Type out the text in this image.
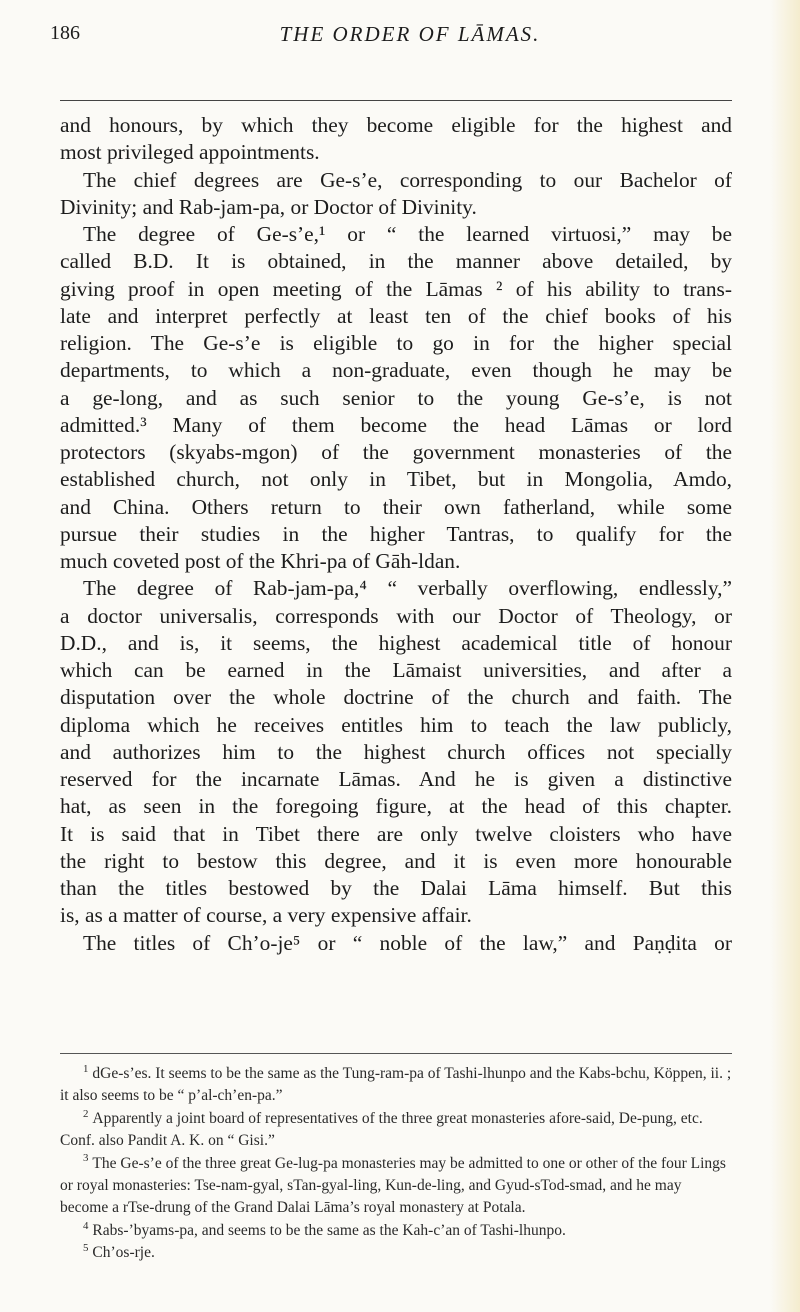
186	THE ORDER OF LĀMAS.
and honours, by which they become eligible for the highest and
most privileged appointments.
The chief degrees are Ge-s’e, corresponding to our Bachelor of
Divinity; and Rab-jam-pa, or Doctor of Divinity.
The degree of Ge-s’e,¹ or “ the learned virtuosi,” may be
called B.D. It is obtained, in the manner above detailed, by
giving proof in open meeting of the Lāmas ² of his ability to trans-
late and interpret perfectly at least ten of the chief books of his
religion. The Ge-s’e is eligible to go in for the higher special
departments, to which a non-graduate, even though he may be
a ge-long, and as such senior to the young Ge-s’e, is not
admitted.³ Many of them become the head Lāmas or lord
protectors (skyabs-mgon) of the government monasteries of the
established church, not only in Tibet, but in Mongolia, Amdo,
and China. Others return to their own fatherland, while some
pursue their studies in the higher Tantras, to qualify for the
much coveted post of the Khri-pa of Gāh-ldan.
The degree of Rab-jam-pa,⁴ “ verbally overflowing, endlessly,”
a doctor universalis, corresponds with our Doctor of Theology, or
D.D., and is, it seems, the highest academical title of honour
which can be earned in the Lāmaist universities, and after a
disputation over the whole doctrine of the church and faith. The
diploma which he receives entitles him to teach the law publicly,
and authorizes him to the highest church offices not specially
reserved for the incarnate Lāmas. And he is given a distinctive
hat, as seen in the foregoing figure, at the head of this chapter.
It is said that in Tibet there are only twelve cloisters who have
the right to bestow this degree, and it is even more honourable
than the titles bestowed by the Dalai Lāma himself. But this
is, as a matter of course, a very expensive affair.
The titles of Ch’o-je⁵ or “ noble of the law,” and Paṇḍita or
$^1$ dGe-s’es. It seems to be the same as the Tung-ram-pa of Tashi-lhunpo and the Kabs-bchu, Köppen, ii. ; it also seems to be “ p’al-ch’en-pa.”
$^2$ Apparently a joint board of representatives of the three great monasteries afore-said, De-pung, etc. Conf. also Pandit A. K. on “ Gisi.”
$^3$ The Ge-s’e of the three great Ge-lug-pa monasteries may be admitted to one or other of the four Lings or royal monasteries: Tse-nam-gyal, sTan-gyal-ling, Kun-de-ling, and Gyud-sTod-smad, and he may become a rTse-drung of the Grand Dalai Lāma’s royal monastery at Potala.
$^4$ Rabs-’byams-pa, and seems to be the same as the Kah-c’an of Tashi-lhunpo.
$^5$ Ch’os-rje.
